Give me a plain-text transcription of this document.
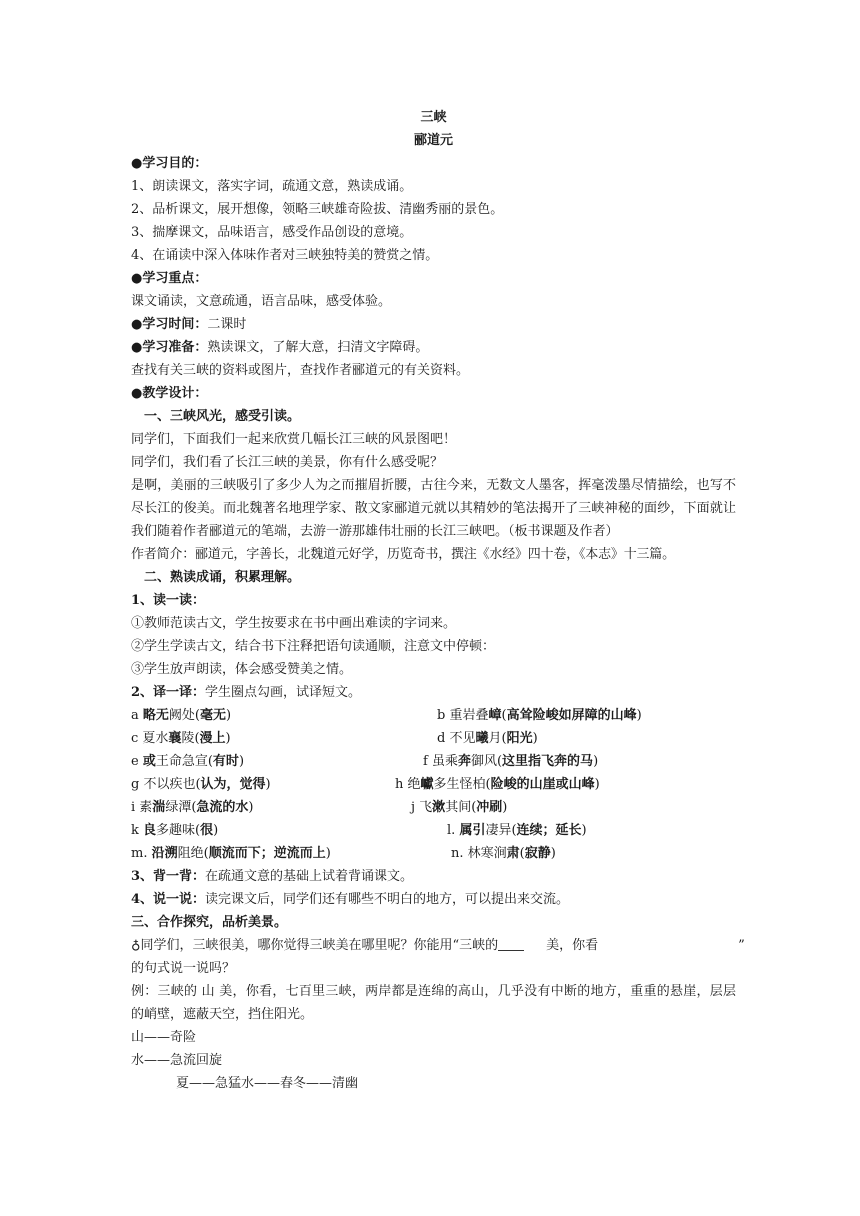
三峡
郦道元
●学习目的：
1、朗读课文，落实字词，疏通文意，熟读成诵。
2、品析课文，展开想像，领略三峡雄奇险拔、清幽秀丽的景色。
3、揣摩课文，品味语言，感受作品创设的意境。
4、在诵读中深入体味作者对三峡独特美的赞赏之情。
●学习重点：
课文诵读，文意疏通，语言品味，感受体验。
●学习时间：二课时
●学习准备：熟读课文，了解大意，扫清文字障碍。
查找有关三峡的资料或图片，查找作者郦道元的有关资料。
●教学设计：
一、三峡风光，感受引读。
同学们，下面我们一起来欣赏几幅长江三峡的风景图吧！
同学们，我们看了长江三峡的美景，你有什么感受呢？
是啊，美丽的三峡吸引了多少人为之而摧眉折腰，古往今来，无数文人墨客，挥毫泼墨尽情描绘，也写不尽长江的俊美。而北魏著名地理学家、散文家郦道元就以其精妙的笔法揭开了三峡神秘的面纱，下面就让我们随着作者郦道元的笔端，去游一游那雄伟壮丽的长江三峡吧。（板书课题及作者）
作者简介：郦道元，字善长，北魏道元好学，历览奇书，撰注《水经》四十卷，《本志》十三篇。
二、熟读成诵，积累理解。
1、读一读：
①教师范读古文，学生按要求在书中画出难读的字词来。
②学生学读古文，结合书下注释把语句读通顺，注意文中停顿：
③学生放声朗读，体会感受赞美之情。
2、译一译：学生圈点勾画，试译短文。
a 略无阙处(毫无)	b 重岩叠嶂(高耸险峻如屏障的山峰)
c 夏水襄陵(漫上)	d 不见曦月(阳光)
e 或王命急宣(有时)	f 虽乘奔御风(这里指飞奔的马)
g 不以疾也(认为，觉得)	h 绝巘多生怪柏(险峻的山崖或山峰)
i 素湍绿潭(急流的水)	j 飞漱其间(冲刷)
k 良多趣味(很)	l. 属引凄异(连续；延长)
m. 沿溯阻绝(顺流而下；逆流而上)	n. 林寒涧肃(寂静)
3、背一背：在疏通文意的基础上试着背诵课文。
4、说一说：读完课文后，同学们还有哪些不明白的地方，可以提出来交流。
三、合作探究，品析美景。
♁同学们，三峡很美，哪你觉得三峡美在哪里呢？你能用“三峡的	美，你看	”
的句式说一说吗？
例：三峡的 山 美，你看，七百里三峡，两岸都是连绵的高山，几乎没有中断的地方，重重的悬崖，层层的峭壁，遮蔽天空，挡住阳光。
山——奇险
水——急流回旋
夏——急猛水——春冬——清幽
